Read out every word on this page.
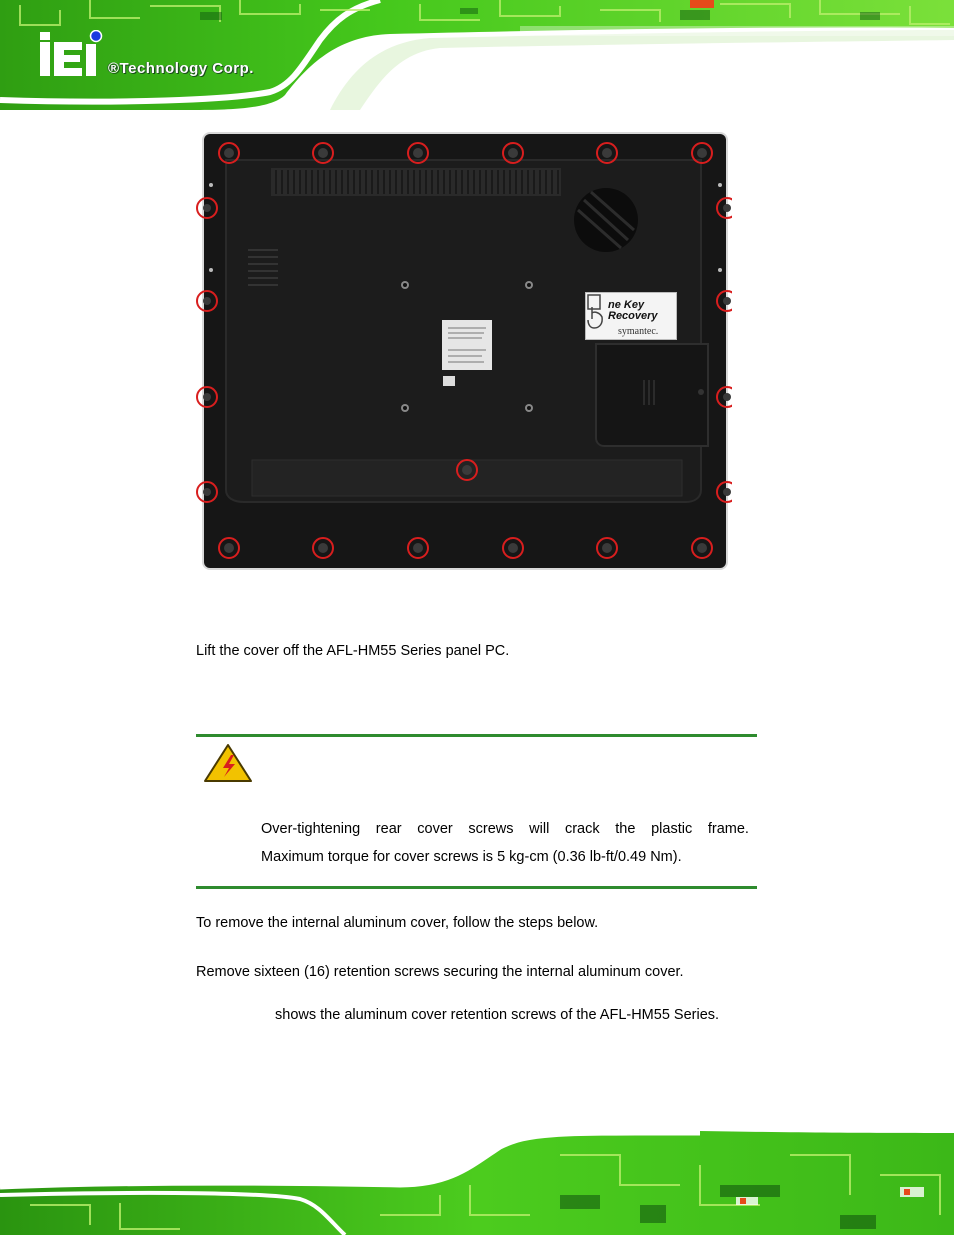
®Technology Corp.
ne Key
Recovery
symantec.
Lift the cover off the AFL-HM55 Series panel PC.
Over-tightening rear cover screws will crack the plastic frame.
Maximum torque for cover screws is 5 kg-cm (0.36 lb-ft/0.49 Nm).
To remove the internal aluminum cover, follow the steps below.
Remove sixteen (16) retention screws securing the internal aluminum cover.
shows the aluminum cover retention screws of the AFL-HM55 Series.
